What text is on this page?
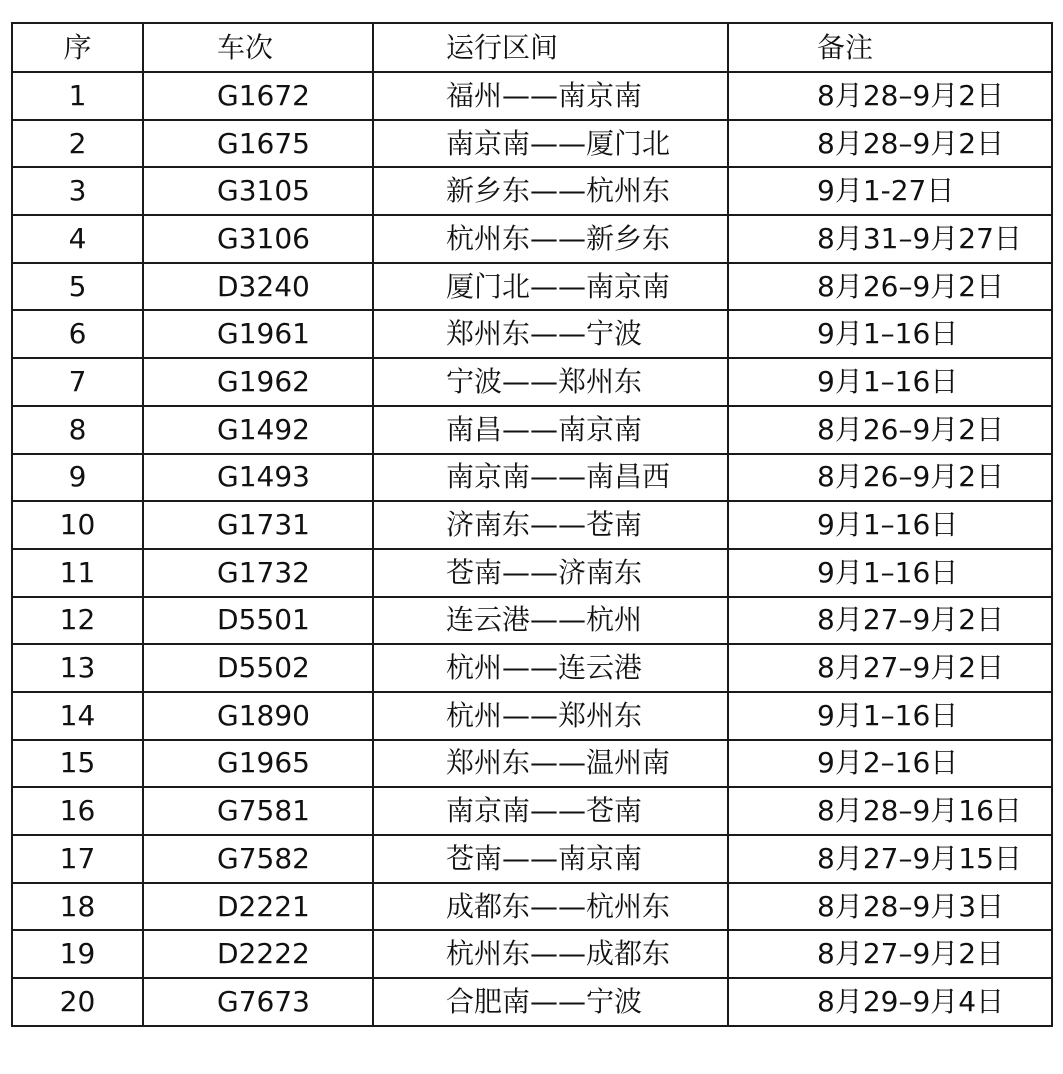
序	车次	运行区间	备注
1	G1672	福州——南京南	8月28–9月2日
2	G1675	南京南——厦门北	8月28–9月2日
3	G3105	新乡东——杭州东	9月1-27日
4	G3106	杭州东——新乡东	8月31–9月27日
5	D3240	厦门北——南京南	8月26–9月2日
6	G1961	郑州东——宁波	9月1–16日
7	G1962	宁波——郑州东	9月1–16日
8	G1492	南昌——南京南	8月26–9月2日
9	G1493	南京南——南昌西	8月26–9月2日
10	G1731	济南东——苍南	9月1–16日
11	G1732	苍南——济南东	9月1–16日
12	D5501	连云港——杭州	8月27–9月2日
13	D5502	杭州——连云港	8月27–9月2日
14	G1890	杭州——郑州东	9月1–16日
15	G1965	郑州东——温州南	9月2–16日
16	G7581	南京南——苍南	8月28–9月16日
17	G7582	苍南——南京南	8月27–9月15日
18	D2221	成都东——杭州东	8月28–9月3日
19	D2222	杭州东——成都东	8月27–9月2日
20	G7673	合肥南——宁波	8月29–9月4日
